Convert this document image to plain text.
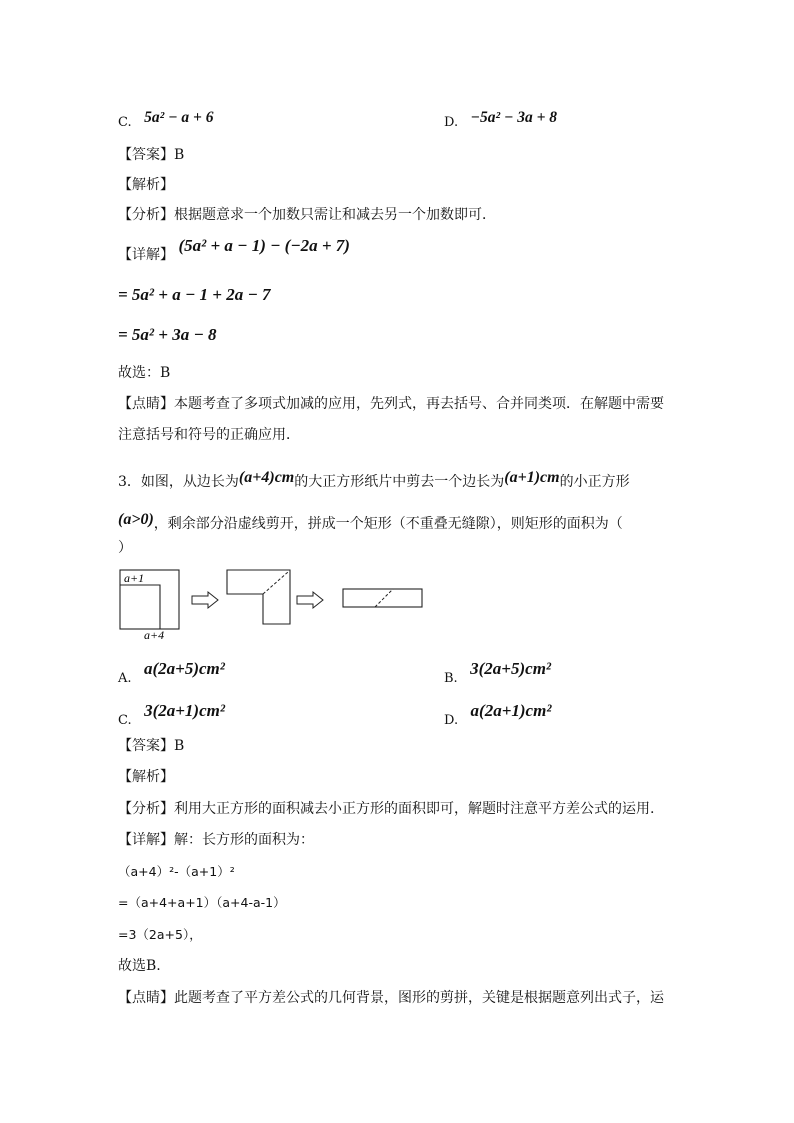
C. 5a² − a + 6	D. −5a² − 3a + 8
【答案】B
【解析】
【分析】根据题意求一个加数只需让和减去另一个加数即可．
【详解】 (5a² + a − 1) − (−2a + 7)
= 5a² + a − 1 + 2a − 7
= 5a² + 3a − 8
故选：B
【点睛】本题考查了多项式加减的应用，先列式，再去括号、合并同类项．在解题中需要
注意括号和符号的正确应用．
3．如图，从边长为(a+4)cm的大正方形纸片中剪去一个边长为(a+1)cm的小正方形
(a>0)，剩余部分沿虚线剪开，拼成一个矩形（不重叠无缝隙），则矩形的面积为（
）
a+1
a+4
A. a(2a+5)cm²
B. 3(2a+5)cm²
C. 3(2a+1)cm²
D. a(2a+1)cm²
【答案】B
【解析】
【分析】利用大正方形的面积减去小正方形的面积即可，解题时注意平方差公式的运用.
【详解】解：长方形的面积为：
（a+4）²-（a+1）²
=（a+4+a+1）（a+4-a-1）
=3（2a+5），
故选B.
【点睛】此题考查了平方差公式的几何背景，图形的剪拼，关键是根据题意列出式子，运
